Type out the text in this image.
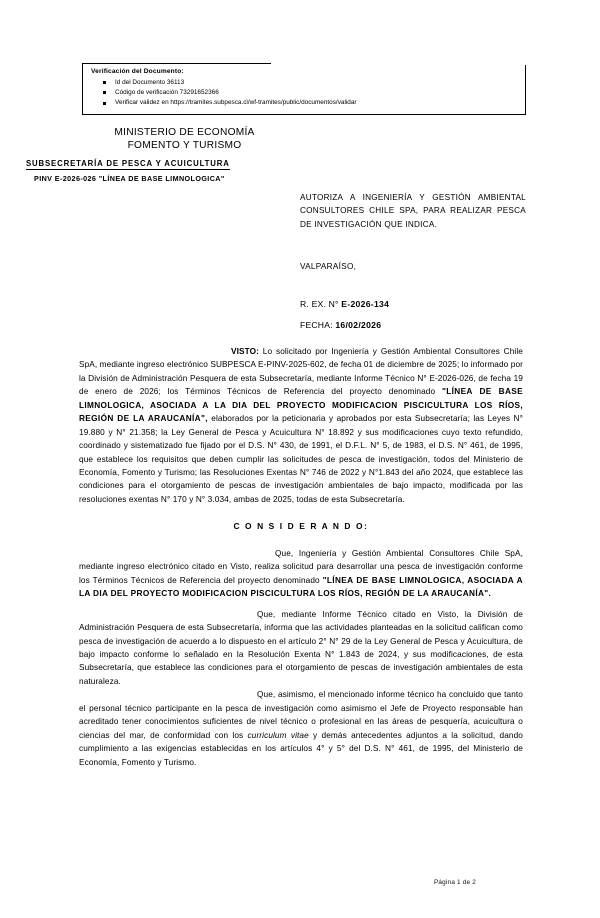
Verificación del Documento:
Id del Documento 36113
Código de verificación 73291652366
Verificar validez en https://tramites.subpesca.cl/wf-tramites/public/documentos/validar
MINISTERIO DE ECONOMÍA
FOMENTO Y TURISMO
SUBSECRETARÍA DE PESCA Y ACUICULTURA
PINV E-2026-026 "LÍNEA DE BASE LIMNOLOGICA"
AUTORIZA A INGENIERÍA Y GESTIÓN AMBIENTAL CONSULTORES CHILE SPA, PARA REALIZAR PESCA DE INVESTIGACIÓN QUE INDICA.
VALPARAÍSO,
R. EX. N° E-2026-134
FECHA: 16/02/2026

VISTO: Lo solicitado por Ingeniería y Gestión Ambiental Consultores Chile SpA, mediante ingreso electrónico SUBPESCA E-PINV-2025-602, de fecha 01 de diciembre de 2025; lo informado por la División de Administración Pesquera de esta Subsecretaría, mediante Informe Técnico N° E-2026-026, de fecha 19 de enero de 2026; los Términos Técnicos de Referencia del proyecto denominado "LÍNEA DE BASE LIMNOLOGICA, ASOCIADA A LA DIA DEL PROYECTO MODIFICACION PISCICULTURA LOS RÍOS, REGIÓN DE LA ARAUCANÍA", elaborados por la peticionaria y aprobados por esta Subsecretaría; las Leyes N° 19.880 y N° 21.358; la Ley General de Pesca y Acuicultura N° 18.892 y sus modificaciones cuyo texto refundido, coordinado y sistematizado fue fijado por el D.S. N° 430, de 1991, el D.F.L. N° 5, de 1983, el D.S. N° 461, de 1995, que establece los requisitos que deben cumplir las solicitudes de pesca de investigación, todos del Ministerio de Economía, Fomento y Turismo; las Resoluciones Exentas N° 746 de 2022 y N°1.843 del año 2024, que establece las condiciones para el otorgamiento de pescas de investigación ambientales de bajo impacto, modificada por las resoluciones exentas N° 170 y N° 3.034, ambas de 2025, todas de esta Subsecretaría.

C O N S I D E R A N D O:

Que, Ingeniería y Gestión Ambiental Consultores Chile SpA, mediante ingreso electrónico citado en Visto, realiza solicitud para desarrollar una pesca de investigación conforme los Términos Técnicos de Referencia del proyecto denominado "LÍNEA DE BASE LIMNOLOGICA, ASOCIADA A LA DIA DEL PROYECTO MODIFICACION PISCICULTURA LOS RÍOS, REGIÓN DE LA ARAUCANÍA".

Que, mediante Informe Técnico citado en Visto, la División de Administración Pesquera de esta Subsecretaría, informa que las actividades planteadas en la solicitud califican como pesca de investigación de acuerdo a lo dispuesto en el artículo 2° N° 29 de la Ley General de Pesca y Acuicultura, de bajo impacto conforme lo señalado en la Resolución Exenta N° 1.843 de 2024, y sus modificaciones, de esta Subsecretaría, que establece las condiciones para el otorgamiento de pescas de investigación ambientales de esta naturaleza.

Que, asimismo, el mencionado informe técnico ha concluido que tanto el personal técnico participante en la pesca de investigación como asimismo el Jefe de Proyecto responsable han acreditado tener conocimientos suficientes de nivel técnico o profesional en las áreas de pesquería, acuicultura o ciencias del mar, de conformidad con los curriculum vitae y demás antecedentes adjuntos a la solicitud, dando cumplimiento a las exigencias establecidas en los artículos 4° y 5° del D.S. N° 461, de 1995, del Ministerio de Economía, Fomento y Turismo.

Página 1 de 2
